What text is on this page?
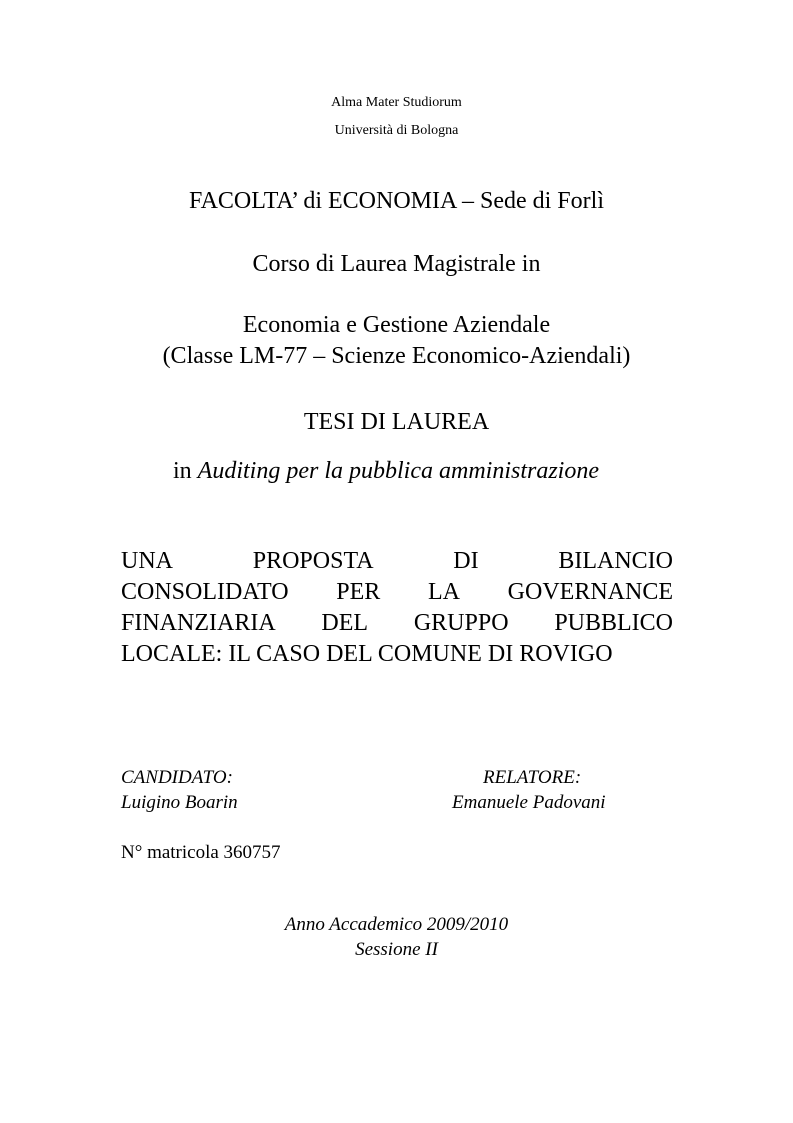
Alma Mater Studiorum
Università di Bologna
FACOLTA’ di ECONOMIA – Sede di Forlì
Corso di Laurea Magistrale in
Economia e Gestione Aziendale
(Classe LM-77 – Scienze Economico-Aziendali)
TESI DI LAUREA
in Auditing per la pubblica amministrazione
UNA	PROPOSTA	DI	BILANCIO
CONSOLIDATO PER LA GOVERNANCE
FINANZIARIA DEL GRUPPO PUBBLICO
LOCALE: IL CASO DEL COMUNE DI ROVIGO
CANDIDATO:
Luigino Boarin
RELATORE:
Emanuele Padovani
N° matricola 360757
Anno Accademico 2009/2010
Sessione II
